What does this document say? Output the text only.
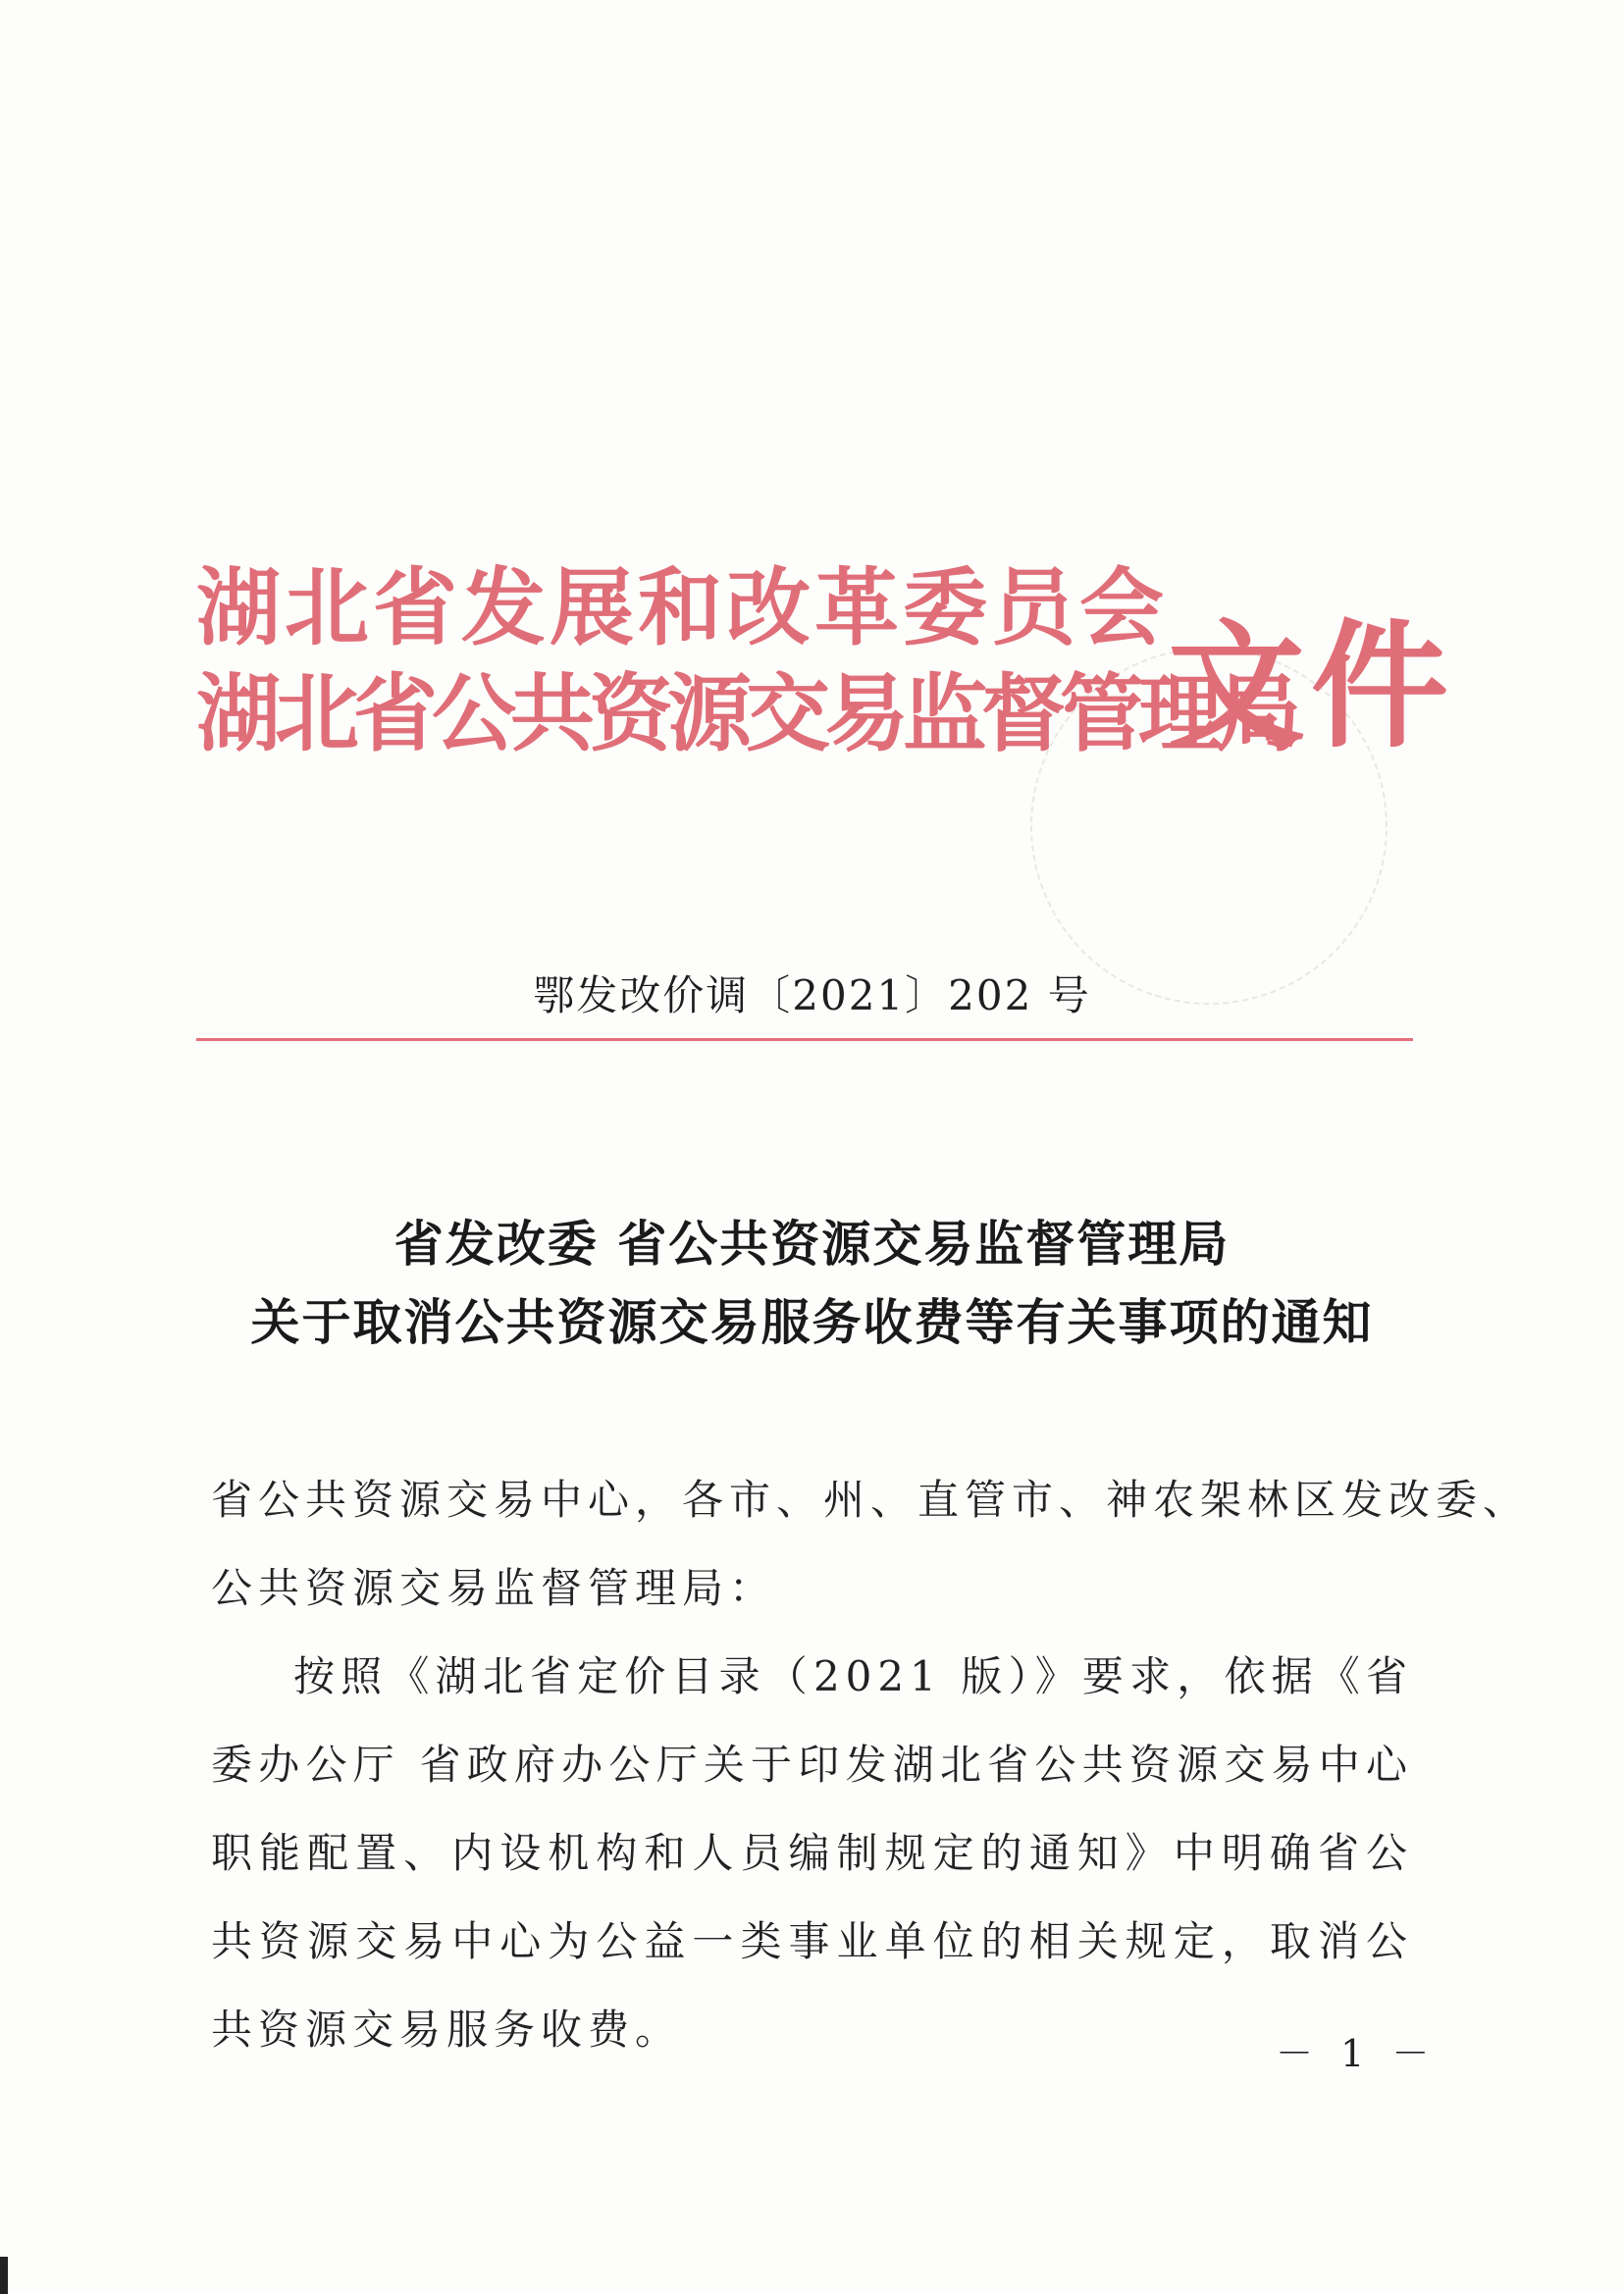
湖北省发展和改革委员会
湖北省公共资源交易监督管理局
文件
鄂发改价调〔2021〕202 号
省发改委 省公共资源交易监督管理局
关于取消公共资源交易服务收费等有关事项的通知

省公共资源交易中心，各市、州、直管市、神农架林区发改委、

公共资源交易监督管理局：

按照《湖北省定价目录（2021 版）》要求，依据《省委办公厅 省政府办公厅关于印发湖北省公共资源交易中心职能配置、内设机构和人员编制规定的通知》中明确省公共资源交易中心为公益一类事业单位的相关规定，取消公共资源交易服务收费。	－ 1 －
